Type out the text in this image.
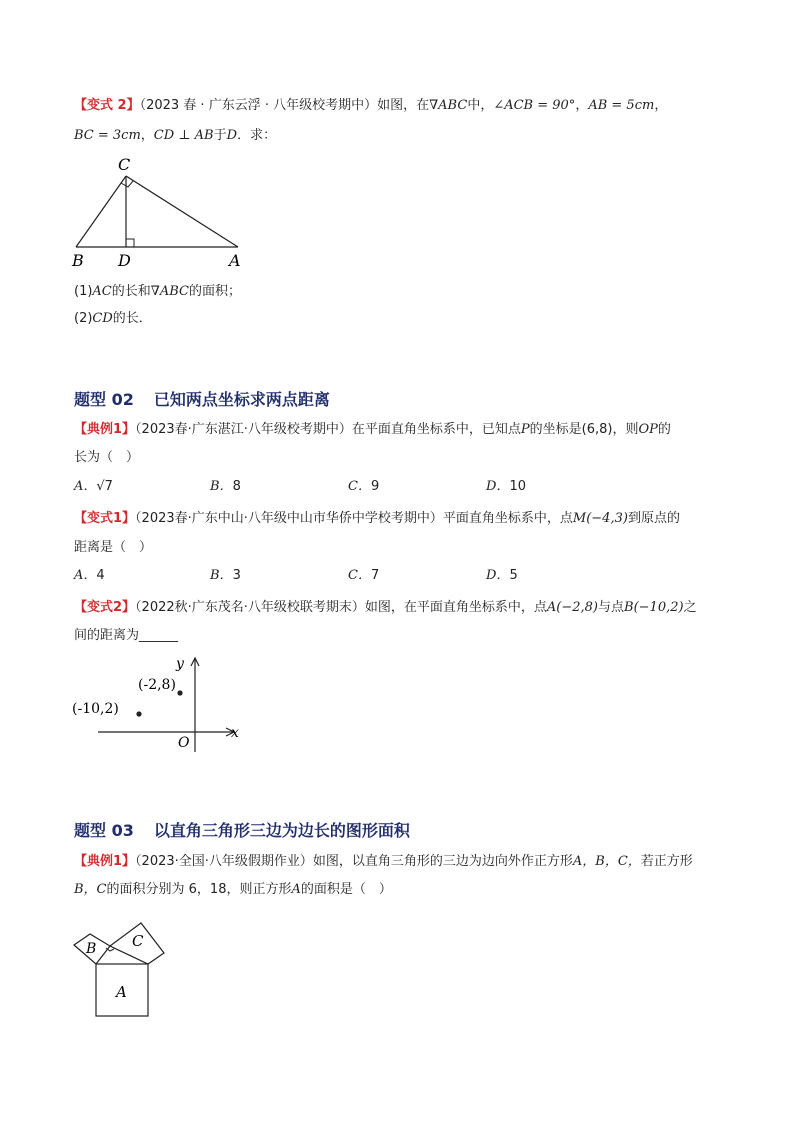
【变式 2】（2023 春 · 广东云浮 · 八年级校考期中）如图，在∇ABC中，∠ACB = 90°，AB = 5cm，
BC = 3cm，CD ⊥ AB于D．求：
C
B D	A
(1)AC的长和∇ABC的面积；
(2)CD的长．
题型 02 已知两点坐标求两点距离
【典例1】（2023春·广东湛江·八年级校考期中）在平面直角坐标系中，已知点P的坐标是(6,8)，则OP的
长为（　）
A．√7	B．8	C．9	D．10
【变式1】（2023春·广东中山·八年级中山市华侨中学校考期中）平面直角坐标系中，点M(−4,3)到原点的
距离是（　）
A．4	B．3	C．7	D．5
【变式2】（2022秋·广东茂名·八年级校联考期末）如图，在平面直角坐标系中，点A(−2,8)与点B(−10,2)之
间的距离为______
y
x
O
(-2,8)
(-10,2)
题型 03 以直角三角形三边为边长的图形面积
【典例1】（2023·全国·八年级假期作业）如图，以直角三角形的三边为边向外作正方形A，B，C，若正方形
B，C的面积分别为 6，18，则正方形A的面积是（　）
A
B C
